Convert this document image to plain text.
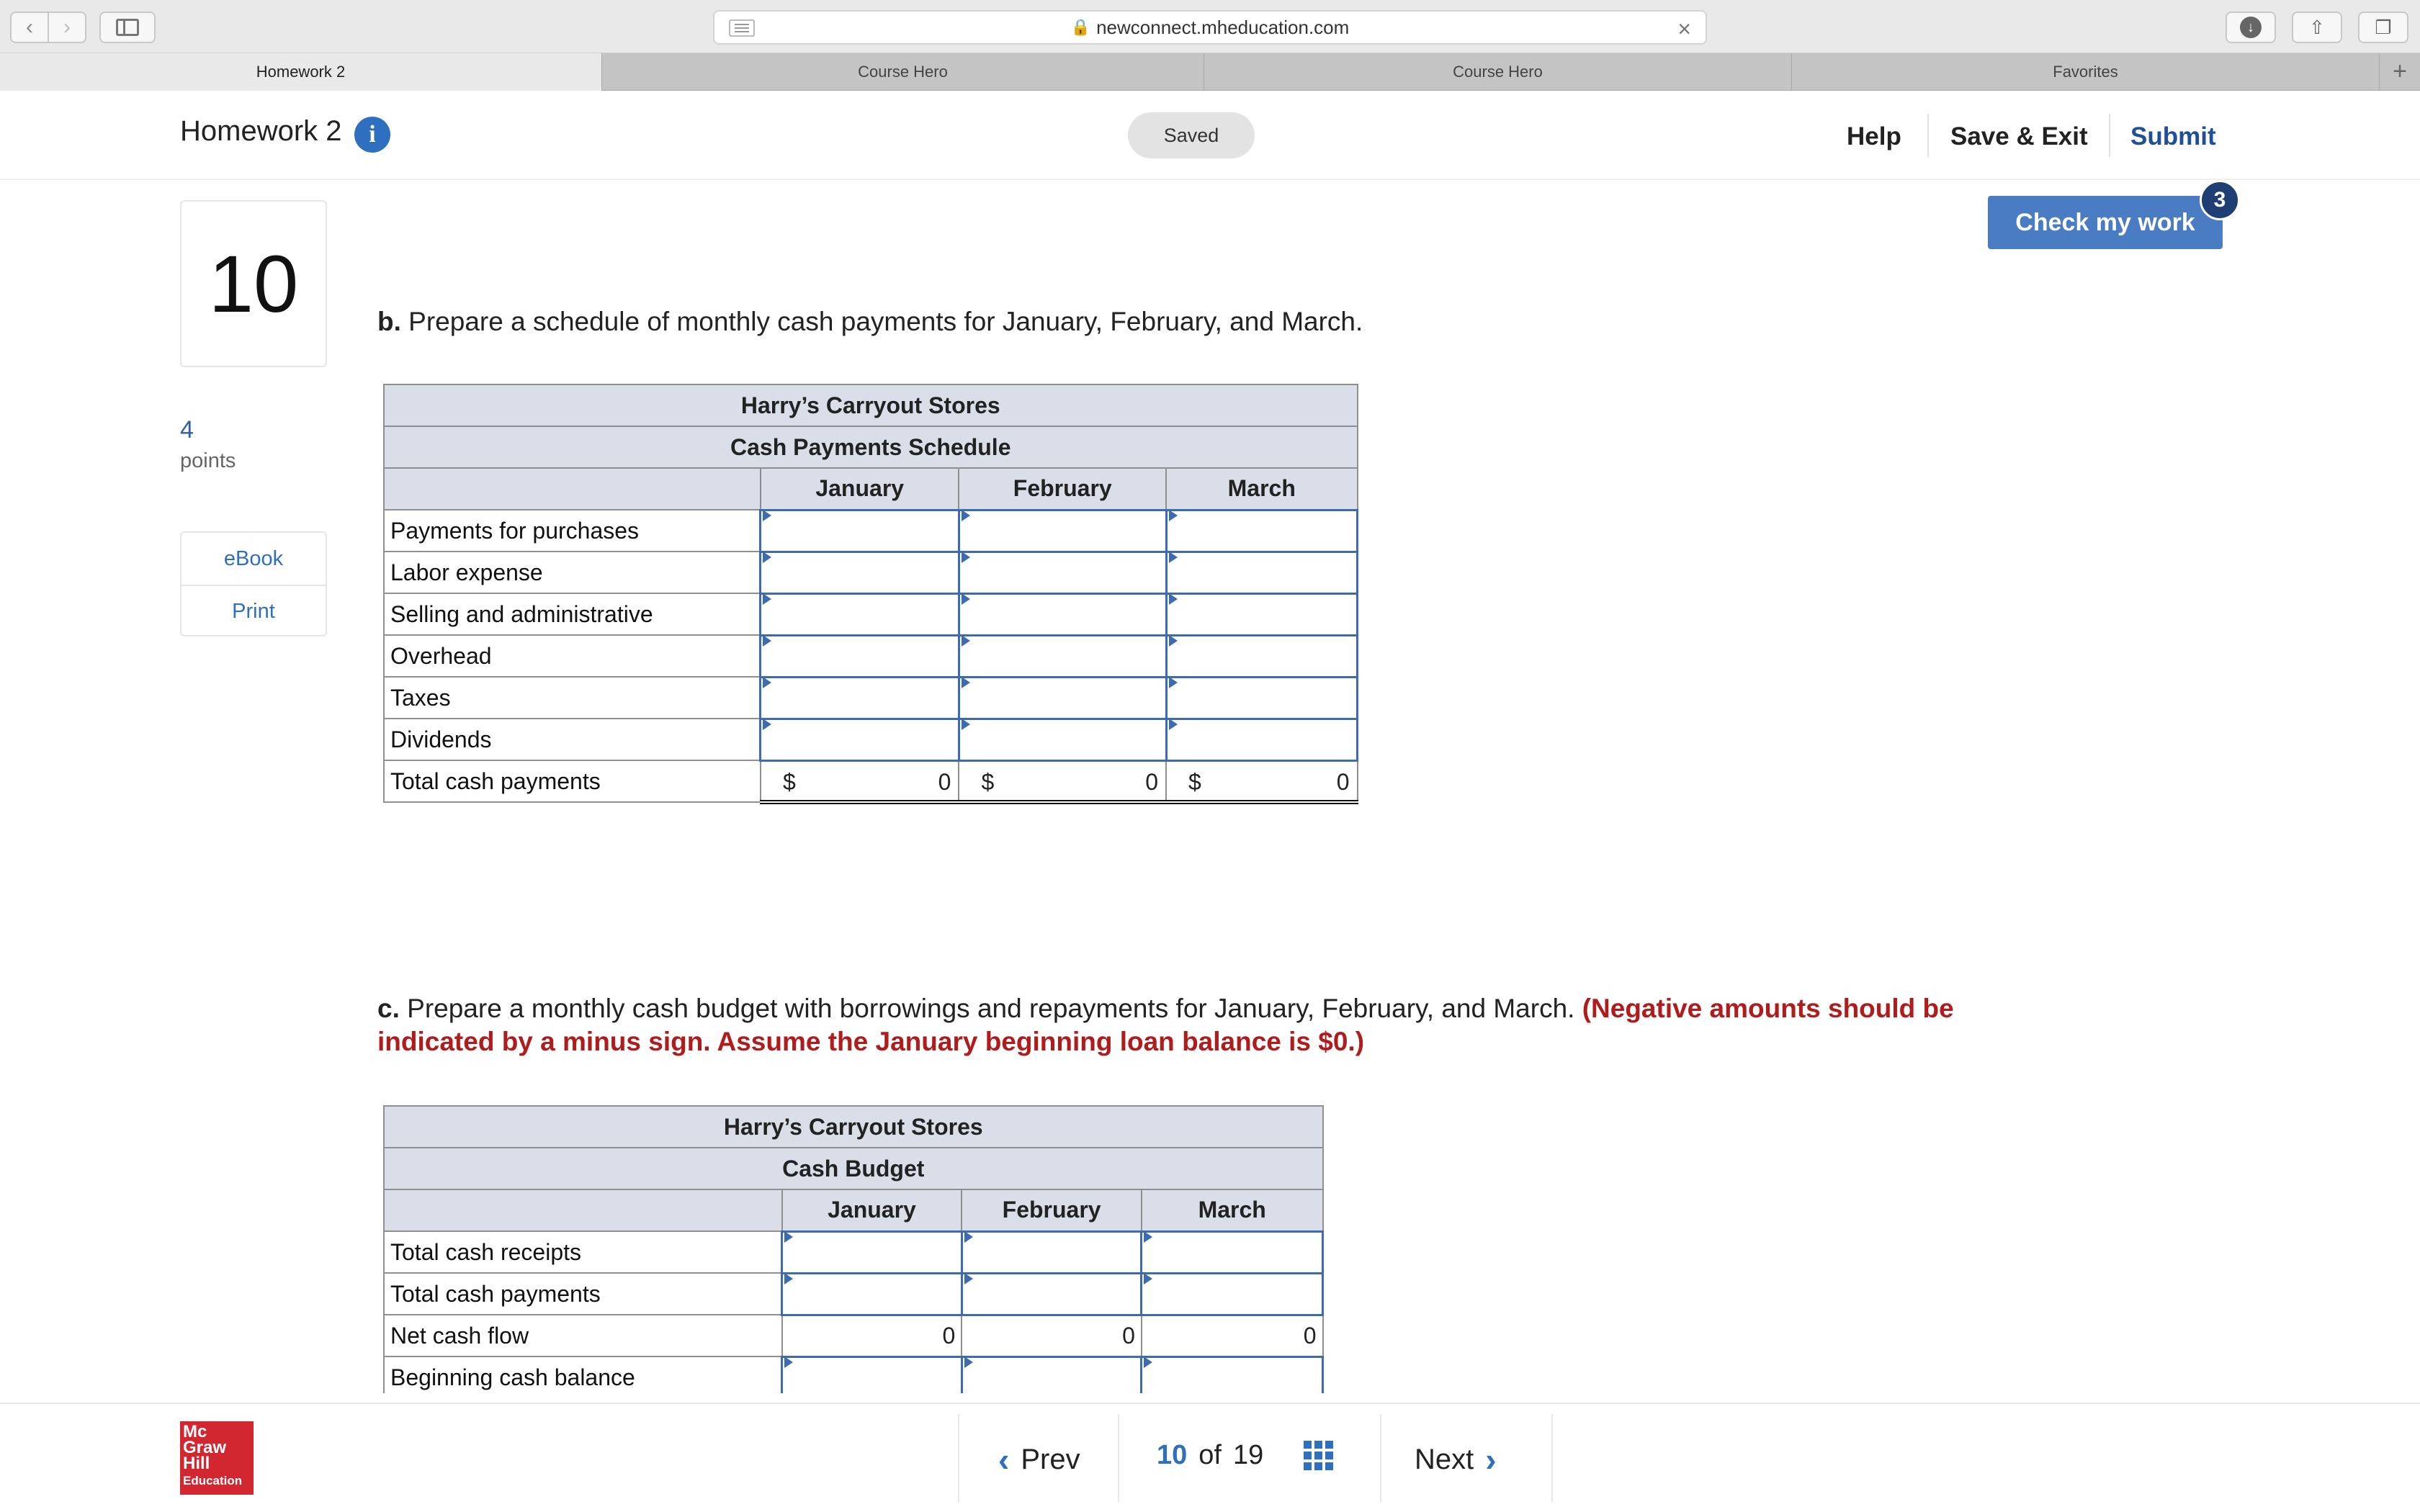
‹	›	🔒 newconnect.mheducation.com	×	↓	⇧	❐
Homework 2	Course Hero	Course Hero	Favorites	+
Homework 2	i	Saved	Help Save & Exit Submit
10
4
points
eBook
Print
Check my work
3
b. Prepare a schedule of monthly cash payments for January, February, and March.
Harry’s Carryout Stores			
Cash Payments Schedule			
	January	February	March
Payments for purchases			
Labor expense			
Selling and administrative			
Overhead			
Taxes			
Dividends			
Total cash payments	$ 0	$ 0	$ 0
c. Prepare a monthly cash budget with borrowings and repayments for January, February, and March. (Negative amounts should be indicated by a minus sign. Assume the January beginning loan balance is $0.)
Harry’s Carryout Stores			
Cash Budget			
	January	February	March
Total cash receipts			
Total cash payments			
Net cash flow	0	0	0
Beginning cash balance			
Mc
Graw
Hill
Education
‹ Prev	10 of 19	Next ›
